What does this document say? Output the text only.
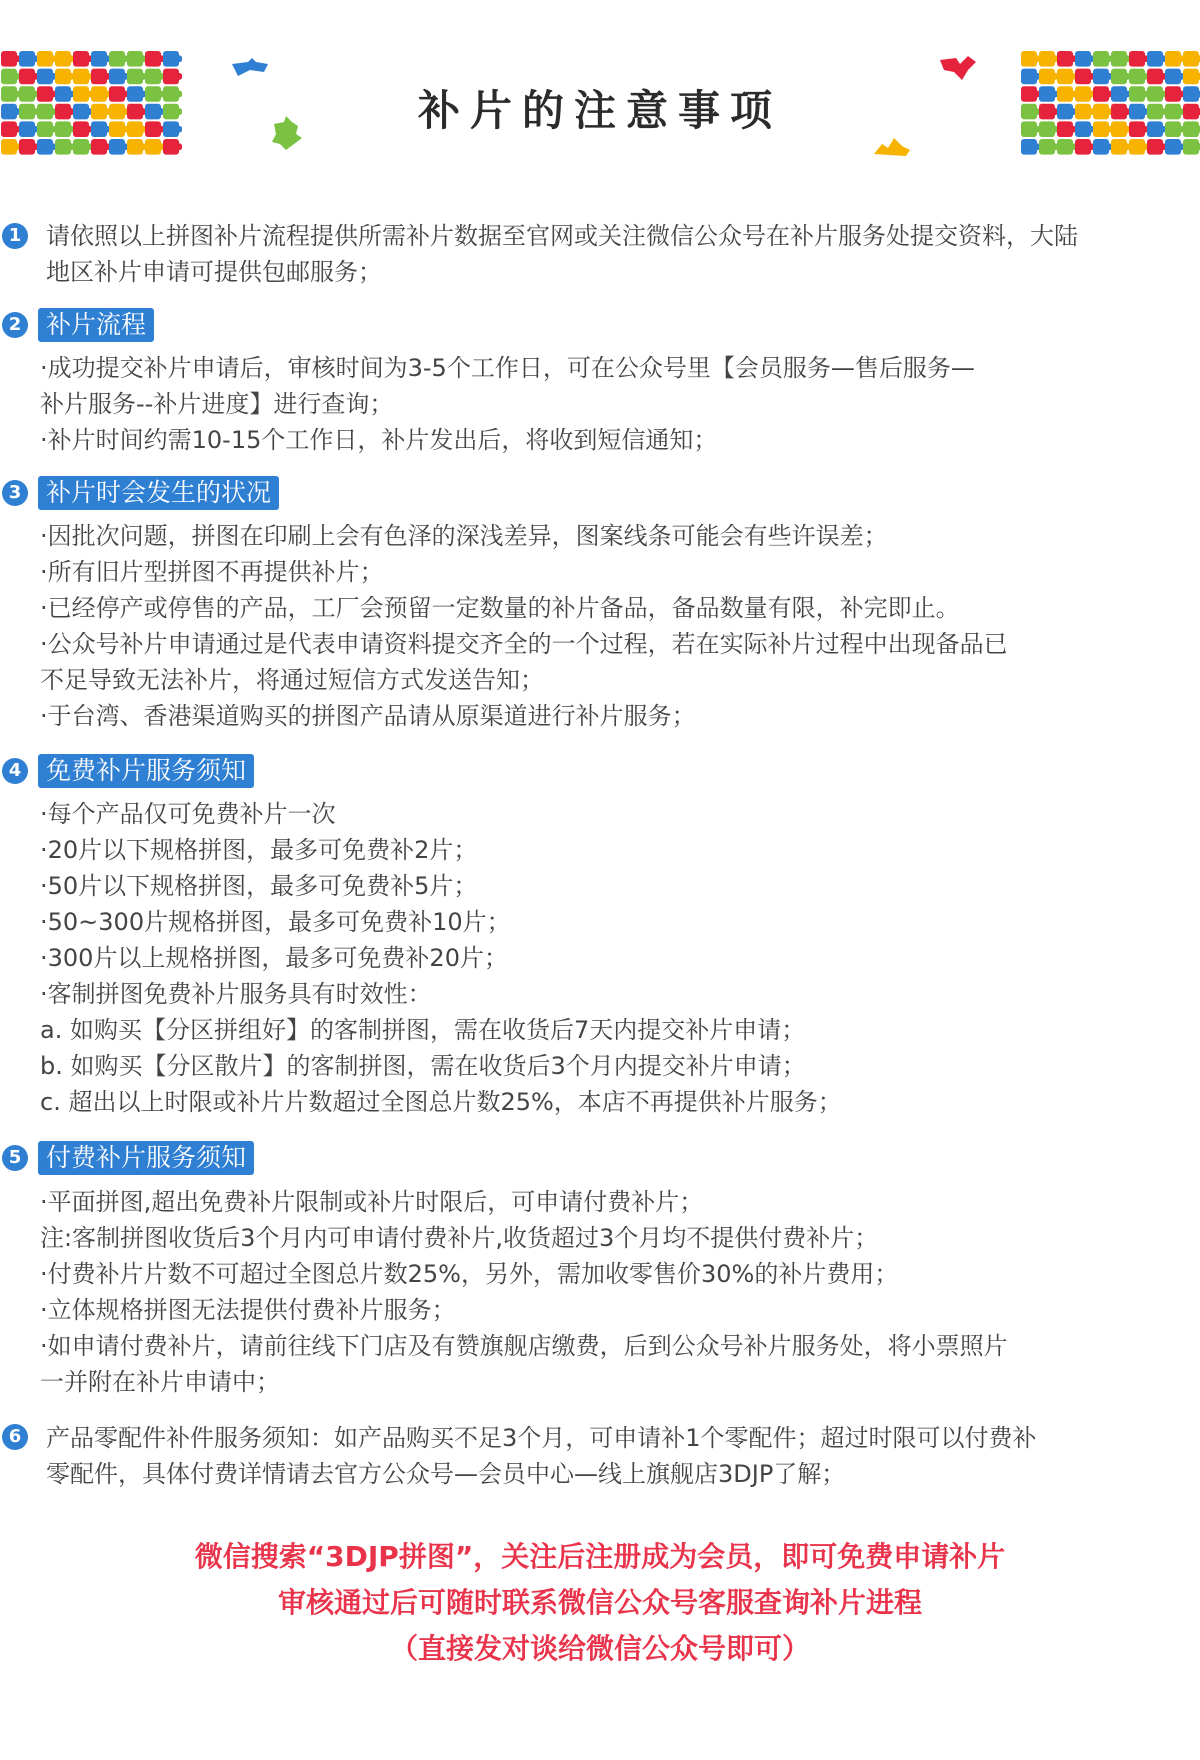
补片的注意事项
1 请依照以上拼图补片流程提供所需补片数据至官网或关注微信公众号在补片服务处提交资料，大陆
地区补片申请可提供包邮服务；
2 补片流程
·成功提交补片申请后，审核时间为3-5个工作日，可在公众号里【会员服务—售后服务—
补片服务--补片进度】进行查询；
·补片时间约需10-15个工作日，补片发出后，将收到短信通知；
3 补片时会发生的状况
·因批次问题，拼图在印刷上会有色泽的深浅差异，图案线条可能会有些许误差；
·所有旧片型拼图不再提供补片；
·已经停产或停售的产品，工厂会预留一定数量的补片备品，备品数量有限，补完即止。
·公众号补片申请通过是代表申请资料提交齐全的一个过程，若在实际补片过程中出现备品已
不足导致无法补片，将通过短信方式发送告知；
·于台湾、香港渠道购买的拼图产品请从原渠道进行补片服务；
4 免费补片服务须知
·每个产品仅可免费补片一次
·20片以下规格拼图，最多可免费补2片；
·50片以下规格拼图，最多可免费补5片；
·50~300片规格拼图，最多可免费补10片；
·300片以上规格拼图，最多可免费补20片；
·客制拼图免费补片服务具有时效性：
a. 如购买【分区拼组好】的客制拼图，需在收货后7天内提交补片申请；
b. 如购买【分区散片】的客制拼图，需在收货后3个月内提交补片申请；
c. 超出以上时限或补片片数超过全图总片数25%，本店不再提供补片服务；
5 付费补片服务须知
·平面拼图,超出免费补片限制或补片时限后，可申请付费补片；
注:客制拼图收货后3个月内可申请付费补片,收货超过3个月均不提供付费补片；
·付费补片片数不可超过全图总片数25%，另外，需加收零售价30%的补片费用；
·立体规格拼图无法提供付费补片服务；
·如申请付费补片，请前往线下门店及有赞旗舰店缴费，后到公众号补片服务处，将小票照片
一并附在补片申请中；
6 产品零配件补件服务须知：如产品购买不足3个月，可申请补1个零配件；超过时限可以付费补
零配件，具体付费详情请去官方公众号—会员中心—线上旗舰店3DJP了解；
微信搜索“3DJP拼图”，关注后注册成为会员，即可免费申请补片
审核通过后可随时联系微信公众号客服查询补片进程
（直接发对谈给微信公众号即可）
